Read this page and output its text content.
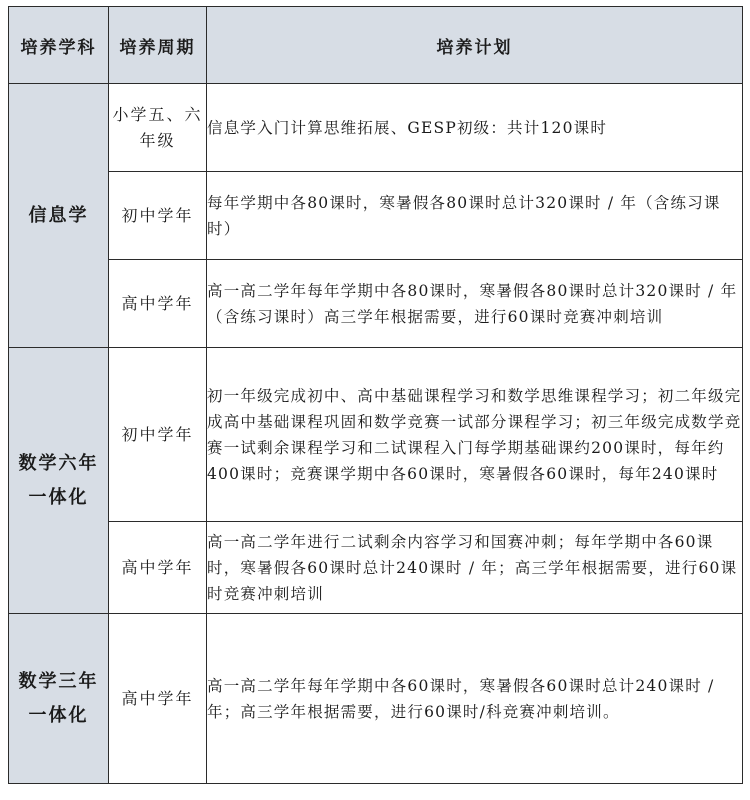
培养学科	培养周期	培养计划
信息学	小学五、六年级	信息学入门计算思维拓展、GESP初级：共计120课时
	初中学年	每年学期中各80课时，寒暑假各80课时总计320课时 / 年（含练习课时）
	高中学年	高一高二学年每年学期中各80课时，寒暑假各80课时总计320课时 / 年（含练习课时）高三学年根据需要，进行60课时竞赛冲刺培训
数学六年一体化	初中学年	初一年级完成初中、高中基础课程学习和数学思维课程学习；初二年级完成高中基础课程巩固和数学竞赛一试部分课程学习；初三年级完成数学竞赛一试剩余课程学习和二试课程入门每学期基础课约200课时，每年约400课时；竞赛课学期中各60课时，寒暑假各60课时，每年240课时
	高中学年	高一高二学年进行二试剩余内容学习和国赛冲刺；每年学期中各60课时，寒暑假各60课时总计240课时 / 年；高三学年根据需要，进行60课时竞赛冲刺培训
数学三年一体化	高中学年	高一高二学年每年学期中各60课时，寒暑假各60课时总计240课时 / 年；高三学年根据需要，进行60课时/科竞赛冲刺培训。
